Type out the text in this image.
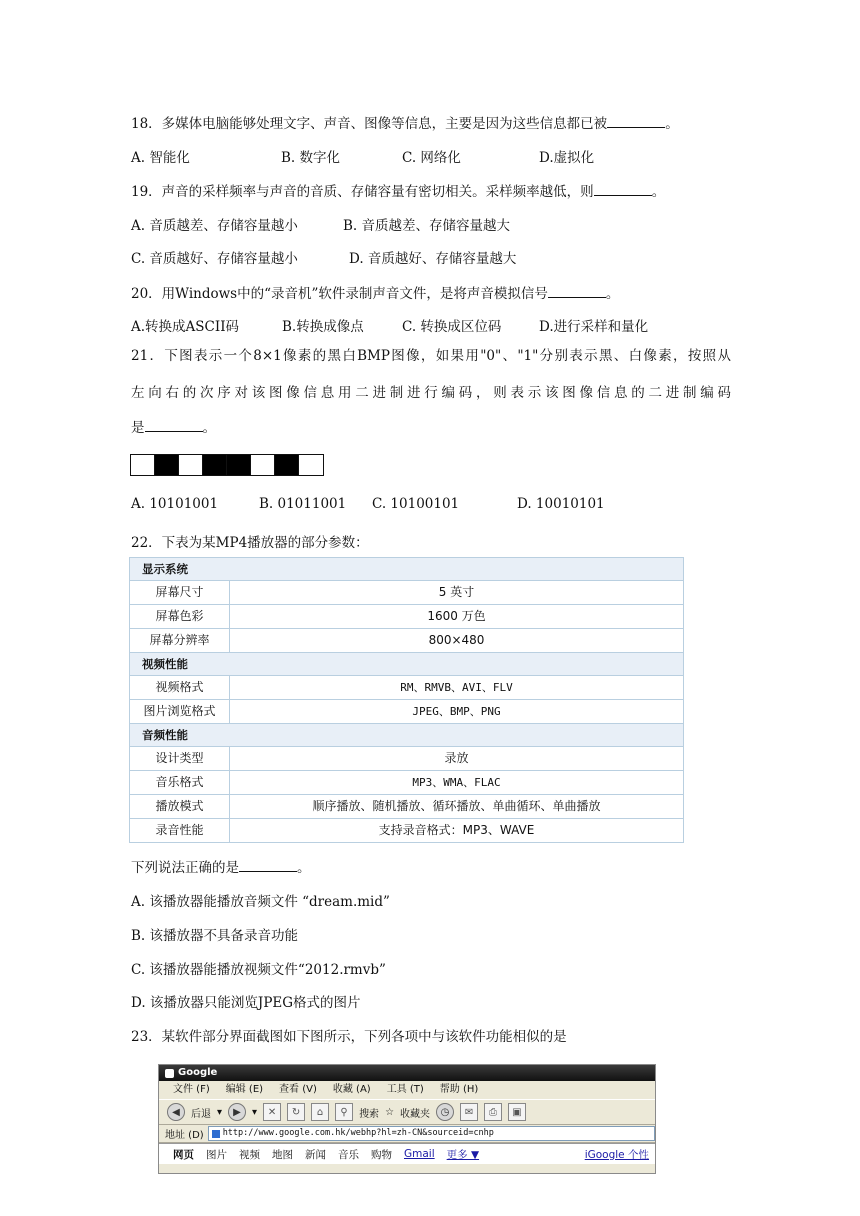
18．多媒体电脑能够处理文字、声音、图像等信息，主要是因为这些信息都已被	。
A. 智能化	B. 数字化	C. 网络化	D.虚拟化
19．声音的采样频率与声音的音质、存储容量有密切相关。采样频率越低，则	。
A. 音质越差、存储容量越小	B. 音质越差、存储容量越大
C. 音质越好、存储容量越小	D. 音质越好、存储容量越大
20．用Windows中的“录音机”软件录制声音文件，是将声音模拟信号	。
A.转换成ASCII码	B.转换成像点	C. 转换成区位码	D.进行采样和量化
21．下图表示一个8×1像素的黑白BMP图像，如果用"0"、"1"分别表示黑、白像素，按照从
左向右的次序对该图像信息用二进制进行编码，则表示该图像信息的二进制编码
是	。
A. 10101001	B. 01011001 C. 10100101	D. 10010101
22．下表为某MP4播放器的部分参数：
显示系统
屏幕尺寸	5 英寸
屏幕色彩	1600 万色
屏幕分辨率	800×480
视频性能
视频格式	RM、RMVB、AVI、FLV
图片浏览格式	JPEG、BMP、PNG
音频性能
设计类型	录放
音乐格式	MP3、WMA、FLAC
播放模式	顺序播放、随机播放、循环播放、单曲循环、单曲播放
录音性能	支持录音格式：MP3、WAVE
下列说法正确的是	。
A. 该播放器能播放音频文件 “dream.mid”
B. 该播放器不具备录音功能
C. 该播放器能播放视频文件“2012.rmvb”
D. 该播放器只能浏览JPEG格式的图片
23．某软件部分界面截图如下图所示，下列各项中与该软件功能相似的是
Google
文件 (F) 编辑 (E) 查看 (V) 收藏 (A) 工具 (T) 帮助 (H)
◀	后退 ▾	▶	▾	✕	↻	⌂	⚲	搜索 ☆ 收藏夹	◷	✉	⎙	▣
地址 (D) http://www.google.com.hk/webhp?hl=zh-CN&sourceid=cnhp
网页 图片 视频 地图 新闻 音乐 购物 Gmail 更多 ▼	iGoogle 个性
